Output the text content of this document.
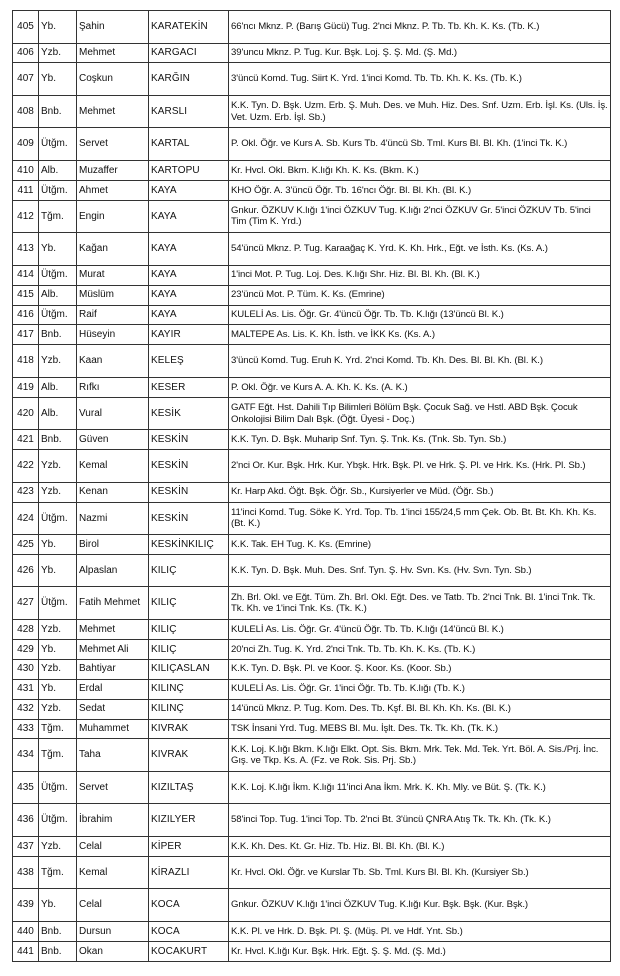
405	Yb.	Şahin	KARATEKİN	66'ncı Mknz. P. (Barış Gücü) Tug. 2'nci Mknz. P. Tb. Tb. Kh. K. Ks. (Tb. K.)
406	Yzb.	Mehmet	KARGACI	39'uncu Mknz. P. Tug. Kur. Bşk. Loj. Ş. Ş. Md. (Ş. Md.)
407	Yb.	Coşkun	KARĞIN	3'üncü Komd. Tug. Siirt K. Yrd. 1'inci Komd. Tb. Tb. Kh. K. Ks. (Tb. K.)
408	Bnb.	Mehmet	KARSLI	K.K. Tyn. D. Bşk. Uzm. Erb. Ş. Muh. Des. ve Muh. Hiz. Des. Snf. Uzm. Erb. İşl. Ks. (Uls. İş. Vet. Uzm. Erb. İşl. Sb.)
409	Ütğm.	Servet	KARTAL	P. Okl. Öğr. ve Kurs A. Sb. Kurs Tb. 4'üncü Sb. Tml. Kurs Bl. Bl. Kh. (1'inci Tk. K.)
410	Alb.	Muzaffer	KARTOPU	Kr. Hvcl. Okl. Bkm. K.lığı Kh. K. Ks. (Bkm. K.)
411	Ütğm.	Ahmet	KAYA	KHO Öğr. A. 3'üncü Öğr. Tb. 16'ncı Öğr. Bl. Bl. Kh. (Bl. K.)
412	Tğm.	Engin	KAYA	Gnkur. ÖZKUV K.lığı 1'inci ÖZKUV Tug. K.lığı 2'nci ÖZKUV Gr. 5'inci ÖZKUV Tb. 5'inci Tim (Tim K. Yrd.)
413	Yb.	Kağan	KAYA	54'üncü Mknz. P. Tug. Karaağaç K. Yrd. K. Kh. Hrk., Eğt. ve İsth. Ks. (Ks. A.)
414	Ütğm.	Murat	KAYA	1'inci Mot. P. Tug. Loj. Des. K.lığı Shr. Hiz. Bl. Bl. Kh. (Bl. K.)
415	Alb.	Müslüm	KAYA	23'üncü Mot. P. Tüm. K. Ks. (Emrine)
416	Ütğm.	Raif	KAYA	KULELİ As. Lis. Öğr. Gr. 4'üncü Öğr. Tb. Tb. K.lığı (13'üncü Bl. K.)
417	Bnb.	Hüseyin	KAYIR	MALTEPE As. Lis. K. Kh. İsth. ve İKK Ks. (Ks. A.)
418	Yzb.	Kaan	KELEŞ	3'üncü Komd. Tug. Eruh K. Yrd. 2'nci Komd. Tb. Kh. Des. Bl. Bl. Kh. (Bl. K.)
419	Alb.	Rıfkı	KESER	P. Okl. Öğr. ve Kurs A. A. Kh. K. Ks. (A. K.)
420	Alb.	Vural	KESİK	GATF Eğt. Hst. Dahili Tıp Bilimleri Bölüm Bşk. Çocuk Sağ. ve Hstl. ABD Bşk. Çocuk Onkolojisi Bilim Dalı Bşk. (Öğt. Üyesi - Doç.)
421	Bnb.	Güven	KESKİN	K.K. Tyn. D. Bşk. Muharip Snf. Tyn. Ş. Tnk. Ks. (Tnk. Sb. Tyn. Sb.)
422	Yzb.	Kemal	KESKİN	2'nci Or. Kur. Bşk. Hrk. Kur. Ybşk. Hrk. Bşk. Pl. ve Hrk. Ş. Pl. ve Hrk. Ks. (Hrk. Pl. Sb.)
423	Yzb.	Kenan	KESKİN	Kr. Harp Akd. Öğt. Bşk. Öğr. Sb., Kursiyerler ve Müd. (Öğr. Sb.)
424	Ütğm.	Nazmi	KESKİN	11'inci Komd. Tug. Söke K. Yrd. Top. Tb. 1'inci 155/24,5 mm Çek. Ob. Bt. Bt. Kh. Kh. Ks. (Bt. K.)
425	Yb.	Birol	KESKİNKILIÇ	K.K. Tak. EH Tug. K. Ks. (Emrine)
426	Yb.	Alpaslan	KILIÇ	K.K. Tyn. D. Bşk. Muh. Des. Snf. Tyn. Ş. Hv. Svn. Ks. (Hv. Svn. Tyn. Sb.)
427	Ütğm.	Fatih Mehmet	KILIÇ	Zh. Brl. Okl. ve Eğt. Tüm. Zh. Brl. Okl. Eğt. Des. ve Tatb. Tb. 2'nci Tnk. Bl. 1'inci Tnk. Tk. Tk. Kh. ve 1'inci Tnk. Ks. (Tk. K.)
428	Yzb.	Mehmet	KILIÇ	KULELİ As. Lis. Öğr. Gr. 4'üncü Öğr. Tb. Tb. K.lığı (14'üncü Bl. K.)
429	Yb.	Mehmet Ali	KILIÇ	20'nci Zh. Tug. K. Yrd. 2'nci Tnk. Tb. Tb. Kh. K. Ks. (Tb. K.)
430	Yzb.	Bahtiyar	KILIÇASLAN	K.K. Tyn. D. Bşk. Pl. ve Koor. Ş. Koor. Ks. (Koor. Sb.)
431	Yb.	Erdal	KILINÇ	KULELİ As. Lis. Öğr. Gr. 1'inci Öğr. Tb. Tb. K.lığı (Tb. K.)
432	Yzb.	Sedat	KILINÇ	14'üncü Mknz. P. Tug. Kom. Des. Tb. Kşf. Bl. Bl. Kh. Kh. Ks. (Bl. K.)
433	Tğm.	Muhammet	KIVRAK	TSK İnsani Yrd. Tug. MEBS Bl. Mu. İşlt. Des. Tk. Tk. Kh. (Tk. K.)
434	Tğm.	Taha	KIVRAK	K.K. Loj. K.lığı Bkm. K.lığı Elkt. Opt. Sis. Bkm. Mrk. Tek. Md. Tek. Yrt. Böl. A. Sis./Prj. İnc. Gış. ve Tkp. Ks. A. (Fz. ve Rok. Sis. Prj. Sb.)
435	Ütğm.	Servet	KIZILTAŞ	K.K. Loj. K.lığı İkm. K.lığı 11'inci Ana İkm. Mrk. K. Kh. Mly. ve Büt. Ş. (Tk. K.)
436	Ütğm.	İbrahim	KIZILYER	58'inci Top. Tug. 1'inci Top. Tb. 2'nci Bt. 3'üncü ÇNRA Atış Tk. Tk. Kh. (Tk. K.)
437	Yzb.	Celal	KİPER	K.K. Kh. Des. Kt. Gr. Hiz. Tb. Hiz. Bl. Bl. Kh. (Bl. K.)
438	Tğm.	Kemal	KİRAZLI	Kr. Hvcl. Okl. Öğr. ve Kurslar Tb. Sb. Tml. Kurs Bl. Bl. Kh. (Kursiyer Sb.)
439	Yb.	Celal	KOCA	Gnkur. ÖZKUV K.lığı 1'inci ÖZKUV Tug. K.lığı Kur. Bşk. Bşk. (Kur. Bşk.)
440	Bnb.	Dursun	KOCA	K.K. Pl. ve Hrk. D. Bşk. Pl. Ş. (Müş. Pl. ve Hdf. Ynt. Sb.)
441	Bnb.	Okan	KOCAKURT	Kr. Hvcl. K.lığı Kur. Bşk. Hrk. Eğt. Ş. Ş. Md. (Ş. Md.)
